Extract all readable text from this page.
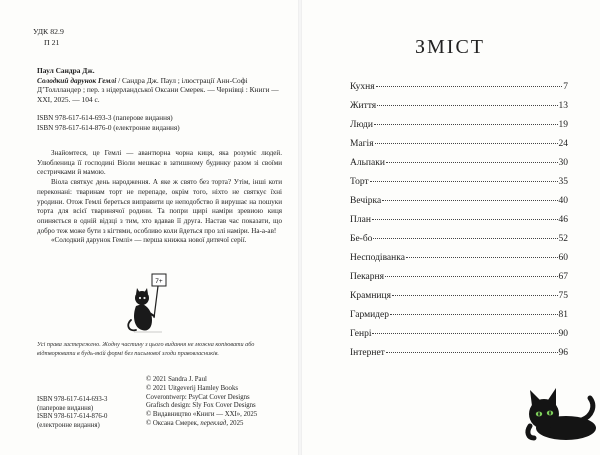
УДК 82.9
П 21
Паул Сандра Дж.
Солодкий дарунок Гемлі / Сандра Дж. Паул ; ілюстрації Анн-Софі Д’Толлландер ; пер. з нідерландської Оксани Смерек. — Чернівці : Книги — XXI, 2025. — 104 с.
ISBN 978-617-614-693-3 (паперове видання)
ISBN 978-617-614-876-0 (електронне видання)

Знайомтеся, це Гемлі — авантюрна чорна киця, яка розуміє людей. Улюбленица її господині Віоли мешкає в затишному будинку разом зі своїми сестричками й мамою.

Віола святкує день народження. А яке ж свято без торта? Утім, інші коти переконані: тваринам торт не перепаде, окрім того, ніхто не святкує їхні уродини. Отож Гемлі береться виправити це неподобство й вирушає на пошуки торта для всієї тваринячої родини. Та попри щирі наміри зревиою киця опиняється в одній відзці з тим, хто вдавав її друга. Настав час показати, що добро теж може бути з кігтями, особливо коли йдеться про злі наміри. На-а-ав!

«Солодкий дарунок Гемлі» — перша книжка нової дитячої серії.

7+
Усі права застережено. Жодну частину з цього видання не можна копіювати або відтворювати в будь-якій формі без письмової згоди правовласників.
ISBN 978-617-614-693-3
(паперове видання)
ISBN 978-617-614-876-0
(електронне видання)
© 2021 Sandra J. Paul
© 2021 Uitgeverij Hamley Books
Coverontwerp: PsyCat Cover Designs
Grafisch design: Sly Fox Cover Designs
© Видавництво «Книги — XXI», 2025
© Оксана Смерек, переклад, 2025
ЗМІСТ
Кухня	7
Життя	13
Люди	19
Магія	24
Альпаки	30
Торт	35
Вечірка	40
План	46
Бе-бо	52
Несподіванка	60
Пекарня	67
Крамниця	75
Гармидер	81
Генрі	90
Інтернет	96
